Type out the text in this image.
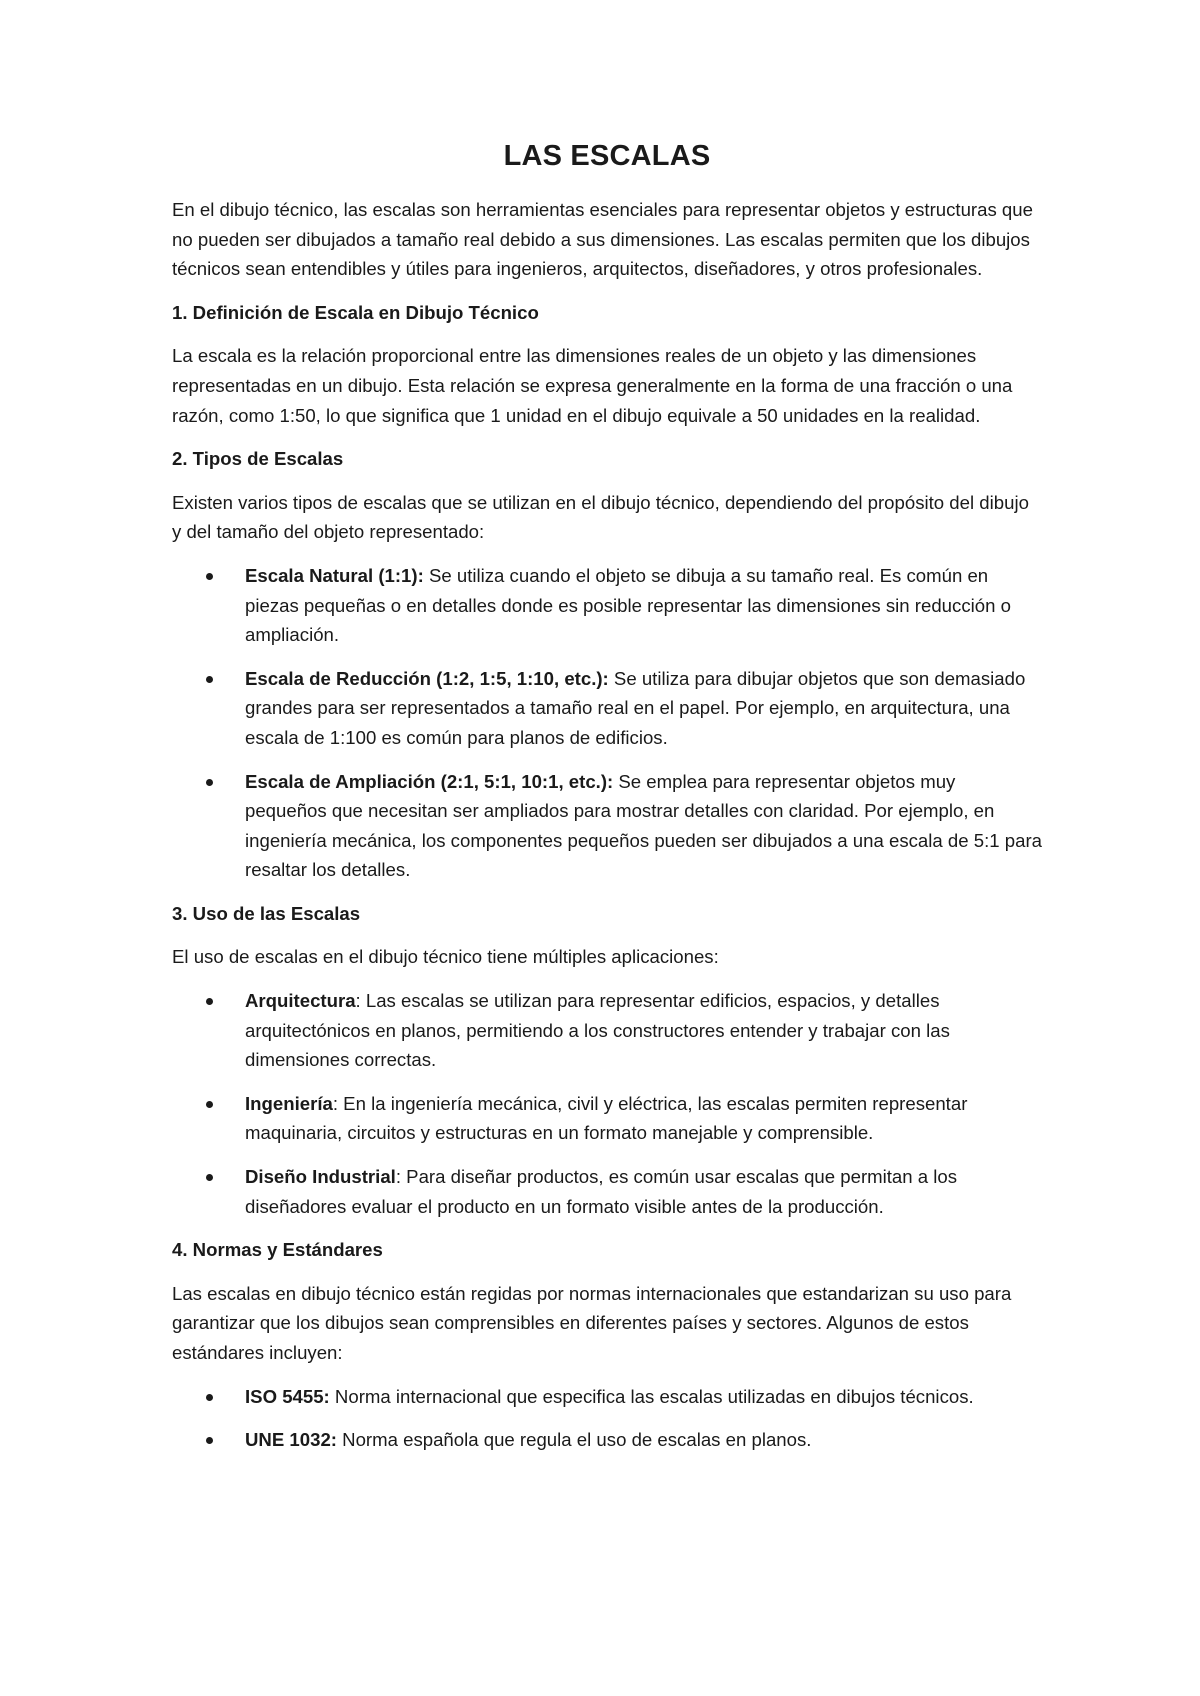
LAS ESCALAS

En el dibujo técnico, las escalas son herramientas esenciales para representar objetos y estructuras que no pueden ser dibujados a tamaño real debido a sus dimensiones. Las escalas permiten que los dibujos técnicos sean entendibles y útiles para ingenieros, arquitectos, diseñadores, y otros profesionales.

1. Definición de Escala en Dibujo Técnico

La escala es la relación proporcional entre las dimensiones reales de un objeto y las dimensiones representadas en un dibujo. Esta relación se expresa generalmente en la forma de una fracción o una razón, como 1:50, lo que significa que 1 unidad en el dibujo equivale a 50 unidades en la realidad.

2. Tipos de Escalas

Existen varios tipos de escalas que se utilizan en el dibujo técnico, dependiendo del propósito del dibujo y del tamaño del objeto representado:

Escala Natural (1:1): Se utiliza cuando el objeto se dibuja a su tamaño real. Es común en piezas pequeñas o en detalles donde es posible representar las dimensiones sin reducción o ampliación.
Escala de Reducción (1:2, 1:5, 1:10, etc.): Se utiliza para dibujar objetos que son demasiado grandes para ser representados a tamaño real en el papel. Por ejemplo, en arquitectura, una escala de 1:100 es común para planos de edificios.
Escala de Ampliación (2:1, 5:1, 10:1, etc.): Se emplea para representar objetos muy pequeños que necesitan ser ampliados para mostrar detalles con claridad. Por ejemplo, en ingeniería mecánica, los componentes pequeños pueden ser dibujados a una escala de 5:1 para resaltar los detalles.
3. Uso de las Escalas

El uso de escalas en el dibujo técnico tiene múltiples aplicaciones:

Arquitectura: Las escalas se utilizan para representar edificios, espacios, y detalles arquitectónicos en planos, permitiendo a los constructores entender y trabajar con las dimensiones correctas.
Ingeniería: En la ingeniería mecánica, civil y eléctrica, las escalas permiten representar maquinaria, circuitos y estructuras en un formato manejable y comprensible.
Diseño Industrial: Para diseñar productos, es común usar escalas que permitan a los diseñadores evaluar el producto en un formato visible antes de la producción.
4. Normas y Estándares

Las escalas en dibujo técnico están regidas por normas internacionales que estandarizan su uso para garantizar que los dibujos sean comprensibles en diferentes países y sectores. Algunos de estos estándares incluyen:

ISO 5455: Norma internacional que especifica las escalas utilizadas en dibujos técnicos.
UNE 1032: Norma española que regula el uso de escalas en planos.
